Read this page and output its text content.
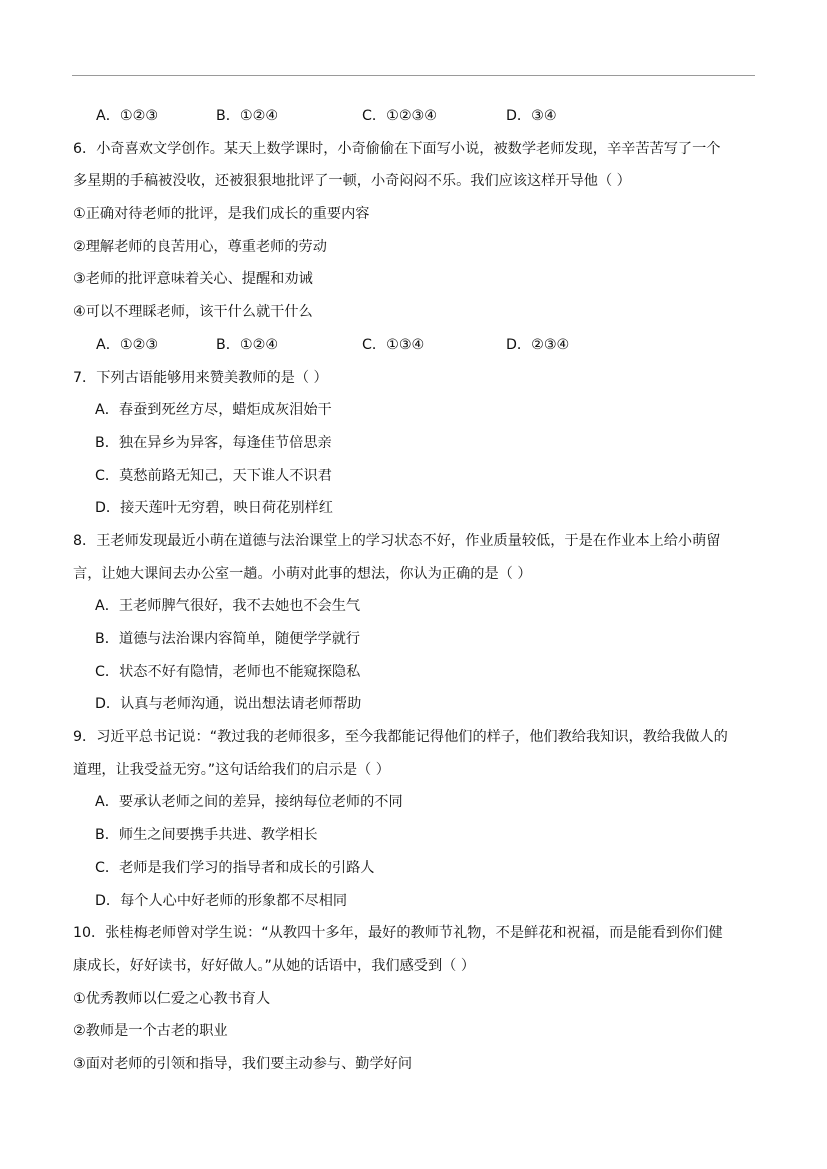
A．①②③	B．①②④	C．①②③④	D．③④
6．小奇喜欢文学创作。某天上数学课时，小奇偷偷在下面写小说，被数学老师发现，辛辛苦苦写了一个
多星期的手稿被没收，还被狠狠地批评了一顿，小奇闷闷不乐。我们应该这样开导他（ ）
①正确对待老师的批评，是我们成长的重要内容
②理解老师的良苦用心，尊重老师的劳动
③老师的批评意味着关心、提醒和劝诫
④可以不理睬老师，该干什么就干什么
A．①②③	B．①②④	C．①③④	D．②③④
7．下列古语能够用来赞美教师的是（ ）
A．春蚕到死丝方尽，蜡炬成灰泪始干
B．独在异乡为异客，每逢佳节倍思亲
C．莫愁前路无知己，天下谁人不识君
D．接天莲叶无穷碧，映日荷花别样红
8．王老师发现最近小萌在道德与法治课堂上的学习状态不好，作业质量较低，于是在作业本上给小萌留
言，让她大课间去办公室一趟。小萌对此事的想法，你认为正确的是（ ）
A．王老师脾气很好，我不去她也不会生气
B．道德与法治课内容简单，随便学学就行
C．状态不好有隐情，老师也不能窥探隐私
D．认真与老师沟通，说出想法请老师帮助
9．习近平总书记说：“教过我的老师很多，至今我都能记得他们的样子，他们教给我知识，教给我做人的
道理，让我受益无穷。”这句话给我们的启示是（ ）
A．要承认老师之间的差异，接纳每位老师的不同
B．师生之间要携手共进、教学相长
C．老师是我们学习的指导者和成长的引路人
D．每个人心中好老师的形象都不尽相同
10．张桂梅老师曾对学生说：“从教四十多年，最好的教师节礼物，不是鲜花和祝福，而是能看到你们健
康成长，好好读书，好好做人。”从她的话语中，我们感受到（ ）
①优秀教师以仁爱之心教书育人
②教师是一个古老的职业
③面对老师的引领和指导，我们要主动参与、勤学好问
